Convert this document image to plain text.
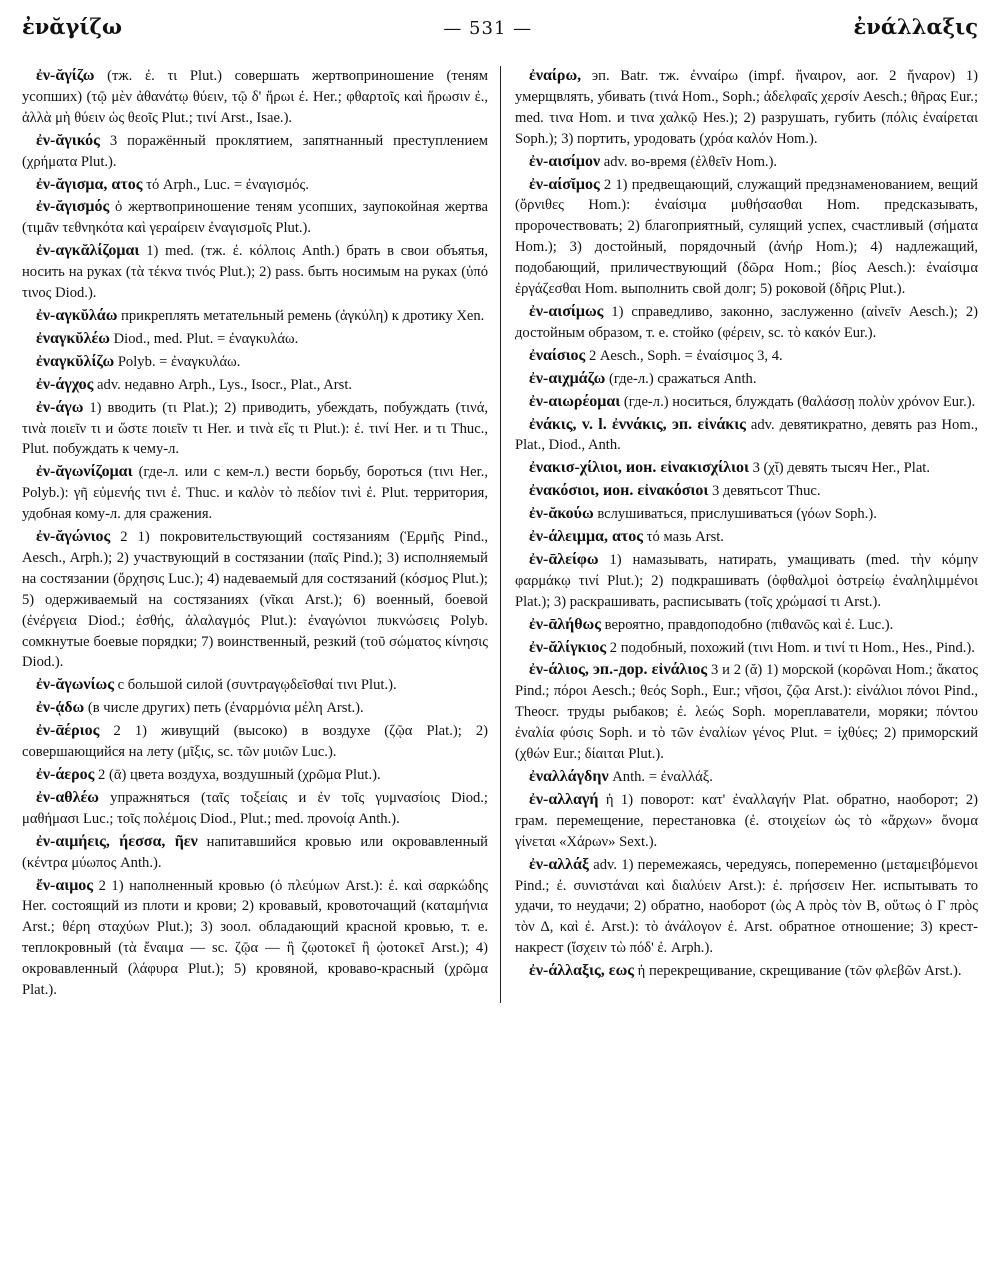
ἐνᾰγίζω	— 531 —	ἐνάλλαξις

ἐν-ᾰγίζω (тж. ἐ. τι Plut.) совершать жертвоприношение (теням усопших) (τῷ μὲν ἀθανάτῳ θύειν, τῷ δ' ἥρωι ἐ. Her.; φθαρτοῖς καὶ ἥρωσιν ἐ., ἀλλὰ μὴ θύειν ὡς θεοῖς Plut.; τινί Arst., Isae.).

ἐν-ᾰγικός 3 поражённый проклятием, запятнанный преступлением (χρήματα Plut.).

ἐν-ᾰγισμα, ατος τό Arph., Luc. = ἐναγισμός.

ἐν-ᾰγισμός ὁ жертвоприношение теням усопших, заупокойная жертва (τιμᾶν τεθνηκότα καὶ γεραίρειν ἐναγισμοῖς Plut.).

ἐν-αγκᾰλίζομαι 1) med. (тж. ἐ. κόλποις Anth.) брать в свои объятья, носить на руках (τὰ τέκνα τινός Plut.); 2) pass. быть носимым на руках (ὑπό τινος Diod.).

ἐν-αγκῠλάω прикреплять метательный ремень (ἀγκύλη) к дротику Xen.

ἐναγκῠλέω Diod., med. Plut. = ἐναγκυλάω.

ἐναγκῠλίζω Polyb. = ἐναγκυλάω.

ἐν-άγχος adv. недавно Arph., Lys., Isocr., Plat., Arst.

ἐν-άγω 1) вводить (τι Plat.); 2) приводить, убеждать, побуждать (τινά, τινὰ ποιεῖν τι и ὥστε ποιεῖν τι Her. и τινὰ εἴς τι Plut.): ἐ. τινί Her. и τι Thuc., Plut. побуждать к чему-л.

ἐν-ᾰγωνίζομαι (где-л. или с кем-л.) вести борьбу, бороться (τινι Her., Polyb.): γῆ εὐμενής τινι ἐ. Thuc. и καλὸν τὸ πεδίον τινὶ ἐ. Plut. территория, удобная кому-л. для сражения.

ἐν-ᾰγώνιος 2 1) покровительствующий состязаниям (Ἑρμῆς Pind., Aesch., Arph.); 2) участвующий в состязании (παῖς Pind.); 3) исполняемый на состязании (ὄρχησις Luc.); 4) надеваемый для состязаний (κόσμος Plut.); 5) одерживаемый на состязаниях (νῖκαι Arst.); 6) военный, боевой (ἐνέργεια Diod.; ἐσθής, ἀλαλαγμός Plut.): ἐναγώνιοι πυκνώσεις Polyb. сомкнутые боевые порядки; 7) воинственный, резкий (τοῦ σώματος κίνησις Diod.).

ἐν-ᾰγωνίως с большой силой (συντραγῳδεῖσθαί τινι Plut.).

ἐν-ᾴδω (в числе других) петь (ἐναρμόνια μέλη Arst.).

ἐν-ᾱέριος 2 1) живущий (высоко) в воздухе (ζῷα Plat.); 2) совершающийся на лету (μῖξις, sc. τῶν μυιῶν Luc.).

ἐν-άερος 2 (ᾱ) цвета воздуха, воздушный (χρῶμα Plut.).

ἐν-αθλέω упражняться (ταῖς τοξείαις и ἐν τοῖς γυμνασίοις Diod.; μαθήμασι Luc.; τοῖς πολέμοις Diod., Plut.; med. προνοίᾳ Anth.).

ἐν-αιμήεις, ήεσσα, ῆεν напитавшийся кровью или окровавленный (κέντρα μύωπος Anth.).

ἔν-αιμος 2 1) наполненный кровью (ὁ πλεύμων Arst.): ἐ. καὶ σαρκώδης Her. состоящий из плоти и крови; 2) кровавый, кровоточащий (καταμήνια Arst.; θέρη σταχύων Plut.); 3) зоол. обладающий красной кровью, т. е. теплокровный (τὰ ἔναιμα — sc. ζῷα — ἢ ζῳοτοκεῖ ἢ ᾠοτοκεῖ Arst.); 4) окровавленный (λάφυρα Plut.); 5) кровяной, кроваво-красный (χρῶμα Plat.).

ἐναίρω, эп. Batr. тж. ἐνναίρω (impf. ἤναιρον, aor. 2 ἤναρον) 1) умерщвлять, убивать (τινά Hom., Soph.; ἀδελφαῖς χερσίν Aesch.; θῆρας Eur.; med. τινα Hom. и τινα χαλκῷ Hes.); 2) разрушать, губить (πόλις ἐναίρεται Soph.); 3) портить, уродовать (χρόα καλόν Hom.).

ἐν-αισίμον adv. во-время (ἐλθεῖν Hom.).

ἐν-αίσῐμος 2 1) предвещающий, служащий предзнаменованием, вещий (ὄρνιθες Hom.): ἐναίσιμα μυθήσασθαι Hom. предсказывать, пророчествовать; 2) благоприятный, сулящий успех, счастливый (σήματα Hom.); 3) достойный, порядочный (ἀνήρ Hom.); 4) надлежащий, подобающий, приличествующий (δῶρα Hom.; βίος Aesch.): ἐναίσιμα ἐργάζεσθαι Hom. выполнить свой долг; 5) роковой (δῆρις Plut.).

ἐν-αισίμως 1) справедливо, законно, заслуженно (αἰνεῖν Aesch.); 2) достойным образом, т. е. стойко (φέρειν, sc. τὸ κακόν Eur.).

ἐναίσιος 2 Aesch., Soph. = ἐναίσιμος 3, 4.

ἐν-αιχμάζω (где-л.) сражаться Anth.

ἐν-αιωρέομαι (где-л.) носиться, блуждать (θαλάσσῃ πολὺν χρόνον Eur.).

ἐνάκις, v. l. ἐννάκις, эп. εἰνάκις adv. девятикратно, девять раз Hom., Plat., Diod., Anth.

ἐνακισ-χίλιοι, ион. εἰνακισχίλιοι 3 (χῐ) девять тысяч Her., Plat.

ἐνακόσιοι, ион. εἰνακόσιοι 3 девятьсот Thuc.

ἐν-ᾰκούω вслушиваться, прислушиваться (γόων Soph.).

ἐν-άλειμμα, ατος τό мазь Arst.

ἐν-ᾱλείφω 1) намазывать, натирать, умащивать (med. τὴν κόμην φαρμάκῳ τινί Plut.); 2) подкрашивать (ὀφθαλμοὶ ὀστρείῳ ἐναληλιμμένοι Plat.); 3) раскрашивать, расписывать (τοῖς χρώμασί τι Arst.).

ἐν-ᾱλήθως вероятно, правдоподобно (πιθανῶς καὶ ἐ. Luc.).

ἐν-ᾰλίγκιος 2 подобный, похожий (τινι Hom. и τινί τι Hom., Hes., Pind.).

ἐν-άλιος, эп.-дор. εἰνάλιος 3 и 2 (ᾰ) 1) морской (κορῶναι Hom.; ἄκατος Pind.; πόροι Aesch.; θεός Soph., Eur.; νῆσοι, ζῷα Arst.): εἰνάλιοι πόνοι Pind., Theocr. труды рыбаков; ἐ. λεώς Soph. мореплаватели, моряки; πόντου ἐναλία φύσις Soph. и τὸ τῶν ἐναλίων γένος Plut. = ἰχθύες; 2) приморский (χθών Eur.; δίαιται Plut.).

ἐναλλάγδην Anth. = ἐναλλάξ.

ἐν-αλλαγή ἡ 1) поворот: κατ' ἐναλλαγήν Plat. обратно, наоборот; 2) грам. перемещение, перестановка (ἐ. στοιχείων ὡς τὸ «ἄρχων» ὄνομα γίνεται «Χάρων» Sext.).

ἐν-αλλάξ adv. 1) перемежаясь, чередуясь, попеременно (μεταμειβόμενοι Pind.; ἐ. συνιστάναι καὶ διαλύειν Arst.): ἐ. πρήσσειν Her. испытывать то удачи, то неудачи; 2) обратно, наоборот (ὡς Α πρὸς τὸν Β, οὕτως ὁ Γ πρὸς τὸν Δ, καὶ ἐ. Arst.): τὸ ἀνάλογον ἐ. Arst. обратное отношение; 3) крест-накрест (ἴσχειν τὼ πόδ' ἐ. Arph.).

ἐν-άλλαξις, εως ἡ перекрещивание, скрещивание (τῶν φλεβῶν Arst.).
